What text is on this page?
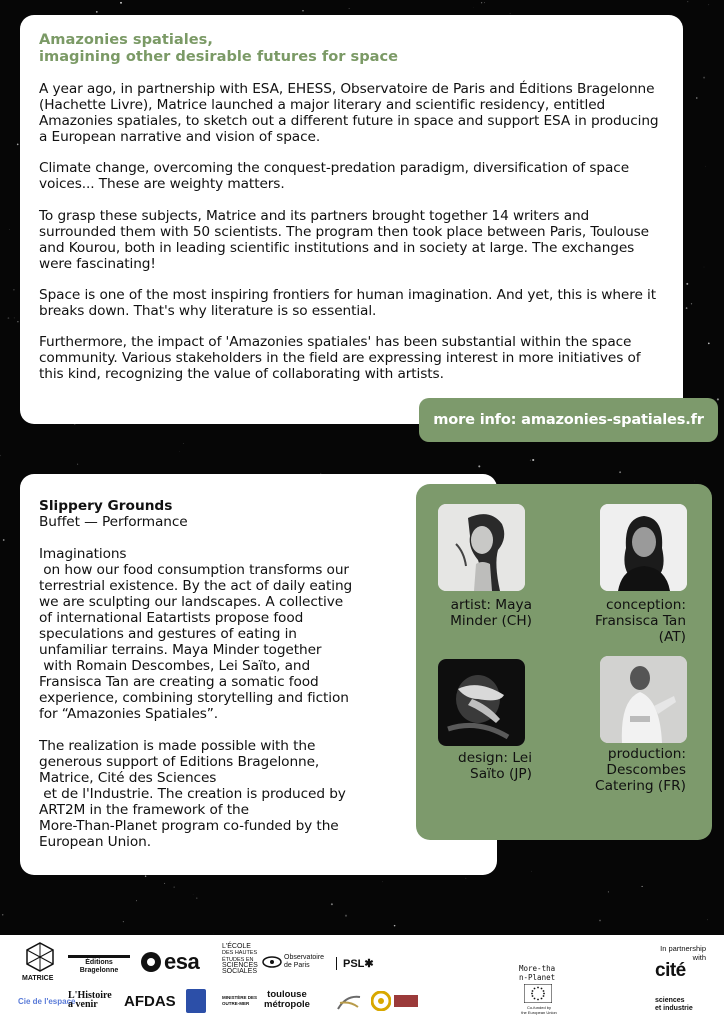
Amazonies spatiales,
imagining other desirable futures for space

A year ago, in partnership with ESA, EHESS, Observatoire de Paris and Éditions Bragelonne (Hachette Livre), Matrice launched a major literary and scientific residency, entitled Amazonies spatiales, to sketch out a different future in space and support ESA in producing a European narrative and vision of space.

Climate change, overcoming the conquest-predation paradigm, diversification of space voices... These are weighty matters.

To grasp these subjects, Matrice and its partners brought together 14 writers and surrounded them with 50 scientists. The program then took place between Paris, Toulouse and Kourou, both in leading scientific institutions and in society at large. The exchanges were fascinating!

Space is one of the most inspiring frontiers for human imagination. And yet, this is where it breaks down. That's why literature is so essential.

Furthermore, the impact of 'Amazonies spatiales' has been substantial within the space community. Various stakeholders in the field are expressing interest in more initiatives of this kind, recognizing the value of collaborating with artists.

more info: amazonies-spatiales.fr
Slippery Grounds
Buffet — Performance
Imaginations
on how our food consumption transforms our
terrestrial existence. By the act of daily eating
we are sculpting our landscapes. A collective
of international Eatartists propose food
speculations and gestures of eating in
unfamiliar terrains. Maya Minder together
with Romain Descombes, Lei Saïto, and
Fransisca Tan are creating a somatic food
experience, combining storytelling and fiction
for “Amazonies Spatiales”.
The realization is made possible with the
generous support of Editions Bragelonne,
Matrice, Cité des Sciences
et de l'Industrie. The creation is produced by
ART2M in the framework of the
More-Than-Planet program co-funded by the
European Union.
artist: Maya
Minder (CH)
conception:
Fransisca Tan
(AT)
design: Lei
Saïto (JP)
production:
Descombes
Catering (FR)
MATRICE
Éditions Bragelonne	esa
L'ÉCOLE
DES HAUTES
ÉTUDES EN
SCIENCES
SOCIALES
Observatoire
de Paris	PSL✱
Cie de l'espace
L'Histoire
a venir	AFDAS	MINISTÈRE DES OUTRE-MER
toulouse
métropole
More-tha
n-Planet
Co-funded by
the European Union
In partnership
with
cité
sciences
et industrie
